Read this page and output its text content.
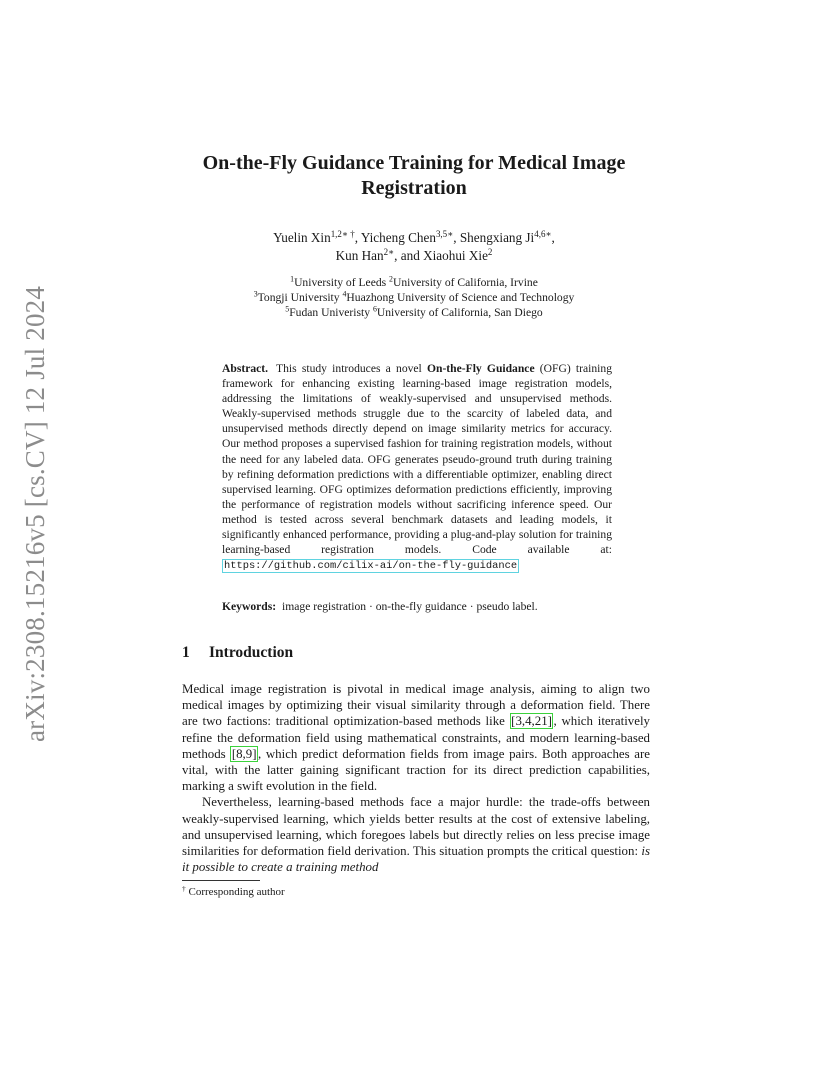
arXiv:2308.15216v5 [cs.CV] 12 Jul 2024
On-the-Fly Guidance Training for Medical Image Registration
Yuelin Xin$^{1,2∗ \dagger}$, Yicheng Chen$^{3,5∗}$, Shengxiang $Ji^{4,6∗}$,
Kun Han$^{2∗}$, and Xiaohui Xie$^2$
$^1$University of Leeds $^2$University of California, Irvine
$^3$Tongji University $^4$Huazhong University of Science and Technology
$^5$Fudan Univeristy $^6$University of California, San Diego
Abstract. This study introduces a novel On-the-Fly Guidance (OFG) training framework for enhancing existing learning-based image registration models, addressing the limitations of weakly-supervised and unsupervised methods. Weakly-supervised methods struggle due to the scarcity of labeled data, and unsupervised methods directly depend on image similarity metrics for accuracy. Our method proposes a supervised fashion for training registration models, without the need for any labeled data. OFG generates pseudo-ground truth during training by refining deformation predictions with a differentiable optimizer, enabling direct supervised learning. OFG optimizes deformation predictions efficiently, improving the performance of registration models without sacrificing inference speed. Our method is tested across several benchmark datasets and leading models, it significantly enhanced performance, providing a plug-and-play solution for training learning-based registration models. Code available at: https://github.com/cilix-ai/on-the-fly-guidance
Keywords: image registration · on-the-fly guidance · pseudo label.
1 Introduction

Medical image registration is pivotal in medical image analysis, aiming to align two medical images by optimizing their visual similarity through a deformation field. There are two factions: traditional optimization-based methods like [3,4,21] , which iteratively refine the deformation field using mathematical constraints, and modern learning-based methods [8,9] , which predict deformation fields from image pairs. Both approaches are vital, with the latter gaining significant traction for its direct prediction capabilities, marking a swift evolution in the field.

Nevertheless, learning-based methods face a major hurdle: the trade-offs between weakly-supervised learning, which yields better results at the cost of extensive labeling, and unsupervised learning, which foregoes labels but directly relies on less precise image similarities for deformation field derivation. This situation prompts the critical question: is it possible to create a training method

† Corresponding author
